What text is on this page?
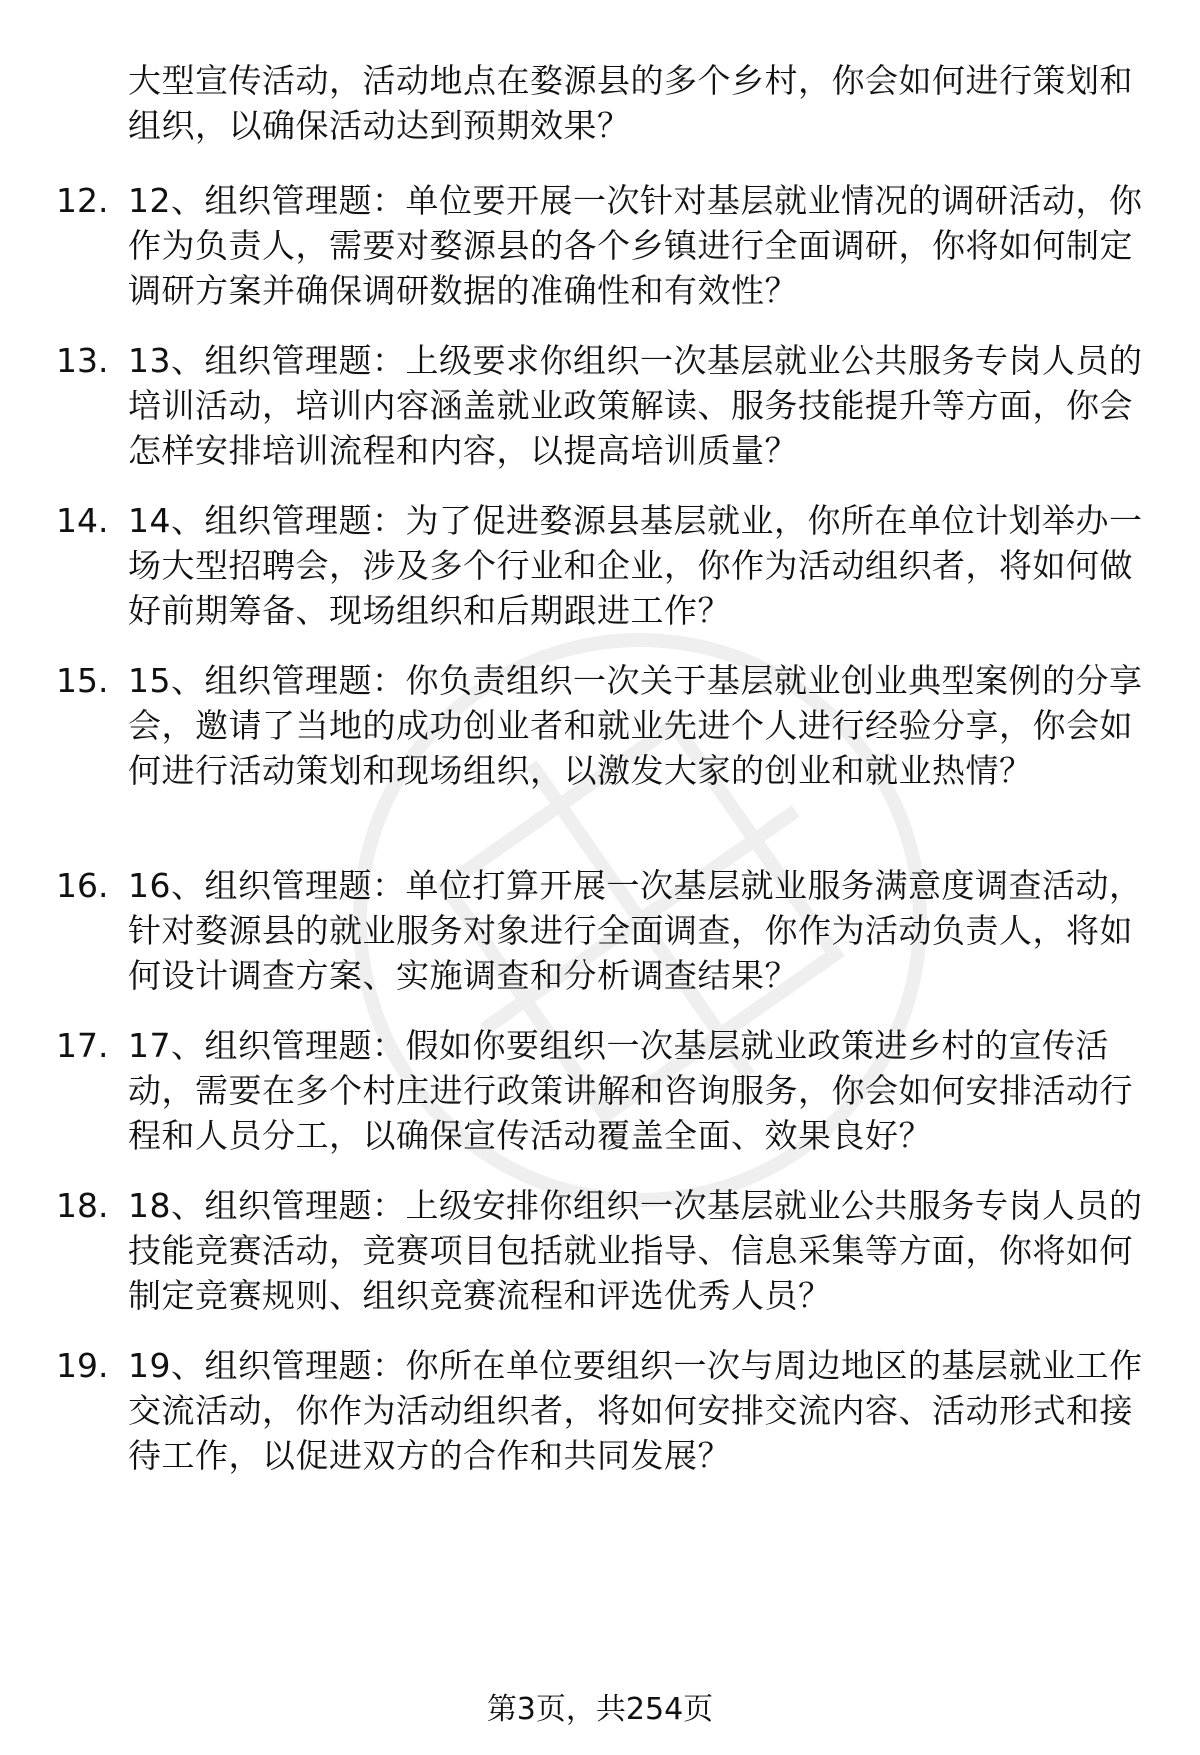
大型宣传活动，活动地点在婺源县的多个乡村，你会如何进行策划和组织，以确保活动达到预期效果？
12. 12、组织管理题：单位要开展一次针对基层就业情况的调研活动，你作为负责人，需要对婺源县的各个乡镇进行全面调研，你将如何制定调研方案并确保调研数据的准确性和有效性？
13. 13、组织管理题：上级要求你组织一次基层就业公共服务专岗人员的培训活动，培训内容涵盖就业政策解读、服务技能提升等方面，你会怎样安排培训流程和内容，以提高培训质量？
14. 14、组织管理题：为了促进婺源县基层就业，你所在单位计划举办一场大型招聘会，涉及多个行业和企业，你作为活动组织者，将如何做好前期筹备、现场组织和后期跟进工作？
15. 15、组织管理题：你负责组织一次关于基层就业创业典型案例的分享会，邀请了当地的成功创业者和就业先进个人进行经验分享，你会如何进行活动策划和现场组织，以激发大家的创业和就业热情？
16. 16、组织管理题：单位打算开展一次基层就业服务满意度调查活动，针对婺源县的就业服务对象进行全面调查，你作为活动负责人，将如何设计调查方案、实施调查和分析调查结果？
17. 17、组织管理题：假如你要组织一次基层就业政策进乡村的宣传活动，需要在多个村庄进行政策讲解和咨询服务，你会如何安排活动行程和人员分工，以确保宣传活动覆盖全面、效果良好？
18. 18、组织管理题：上级安排你组织一次基层就业公共服务专岗人员的技能竞赛活动，竞赛项目包括就业指导、信息采集等方面，你将如何制定竞赛规则、组织竞赛流程和评选优秀人员？
19. 19、组织管理题：你所在单位要组织一次与周边地区的基层就业工作交流活动，你作为活动组织者，将如何安排交流内容、活动形式和接待工作，以促进双方的合作和共同发展？
第3页，共254页
